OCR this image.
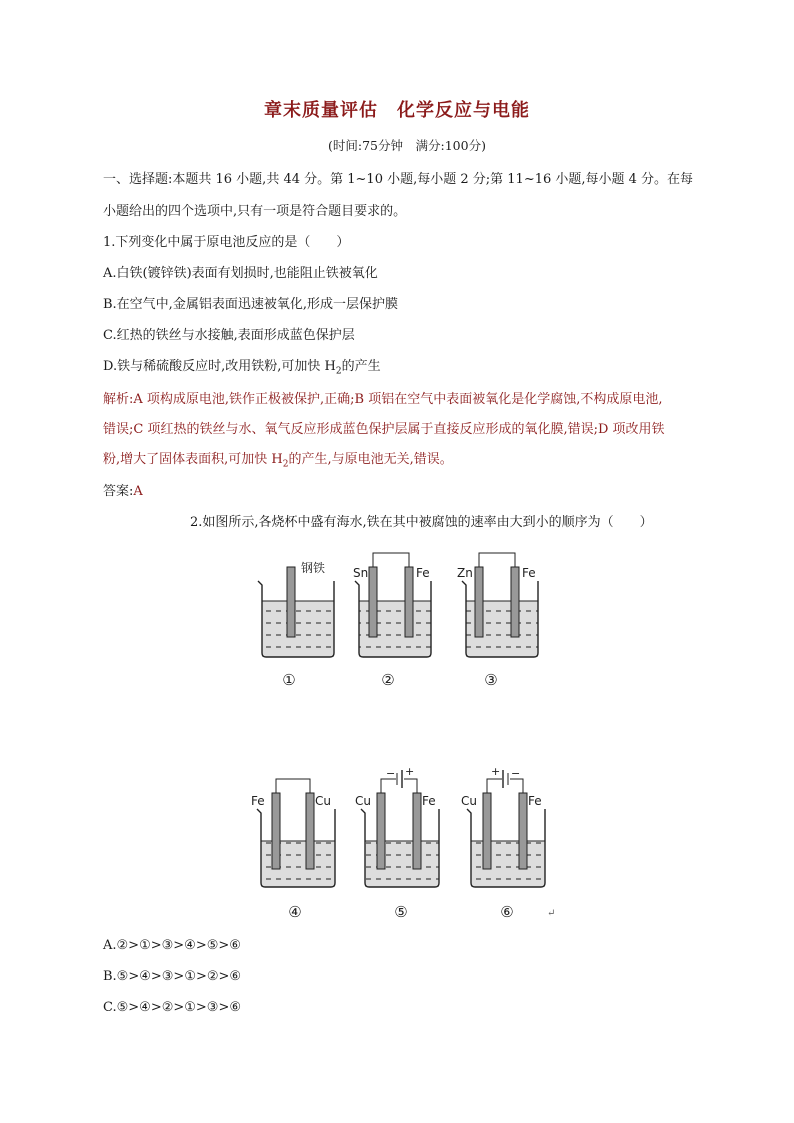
章末质量评估　化学反应与电能
(时间:75分钟　满分:100分)
一、选择题:本题共 16 小题,共 44 分。第 1~10 小题,每小题 2 分;第 11~16 小题,每小题 4 分。在每
小题给出的四个选项中,只有一项是符合题目要求的。
1.下列变化中属于原电池反应的是（　　）
A.白铁(镀锌铁)表面有划损时,也能阻止铁被氧化
B.在空气中,金属铝表面迅速被氧化,形成一层保护膜
C.红热的铁丝与水接触,表面形成蓝色保护层
D.铁与稀硫酸反应时,改用铁粉,可加快 $H_2$的产生
解析:A 项构成原电池,铁作正极被保护,正确;B 项铝在空气中表面被氧化是化学腐蚀,不构成原电池,
错误;C 项红热的铁丝与水、氧气反应形成蓝色保护层属于直接反应形成的氧化膜,错误;D 项改用铁
粉,增大了固体表面积,可加快 $H_2$的产生,与原电池无关,错误。
答案:A
2.如图所示,各烧杯中盛有海水,铁在其中被腐蚀的速率由大到小的顺序为（　　）
钢铁
①
Sn	Fe
②
Zn	Fe
③
Fe	Cu
④
− +
Cu	Fe
⑤
+ −
Cu	Fe
⑥	↵
A.②>①>③>④>⑤>⑥
B.⑤>④>③>①>②>⑥
C.⑤>④>②>①>③>⑥
